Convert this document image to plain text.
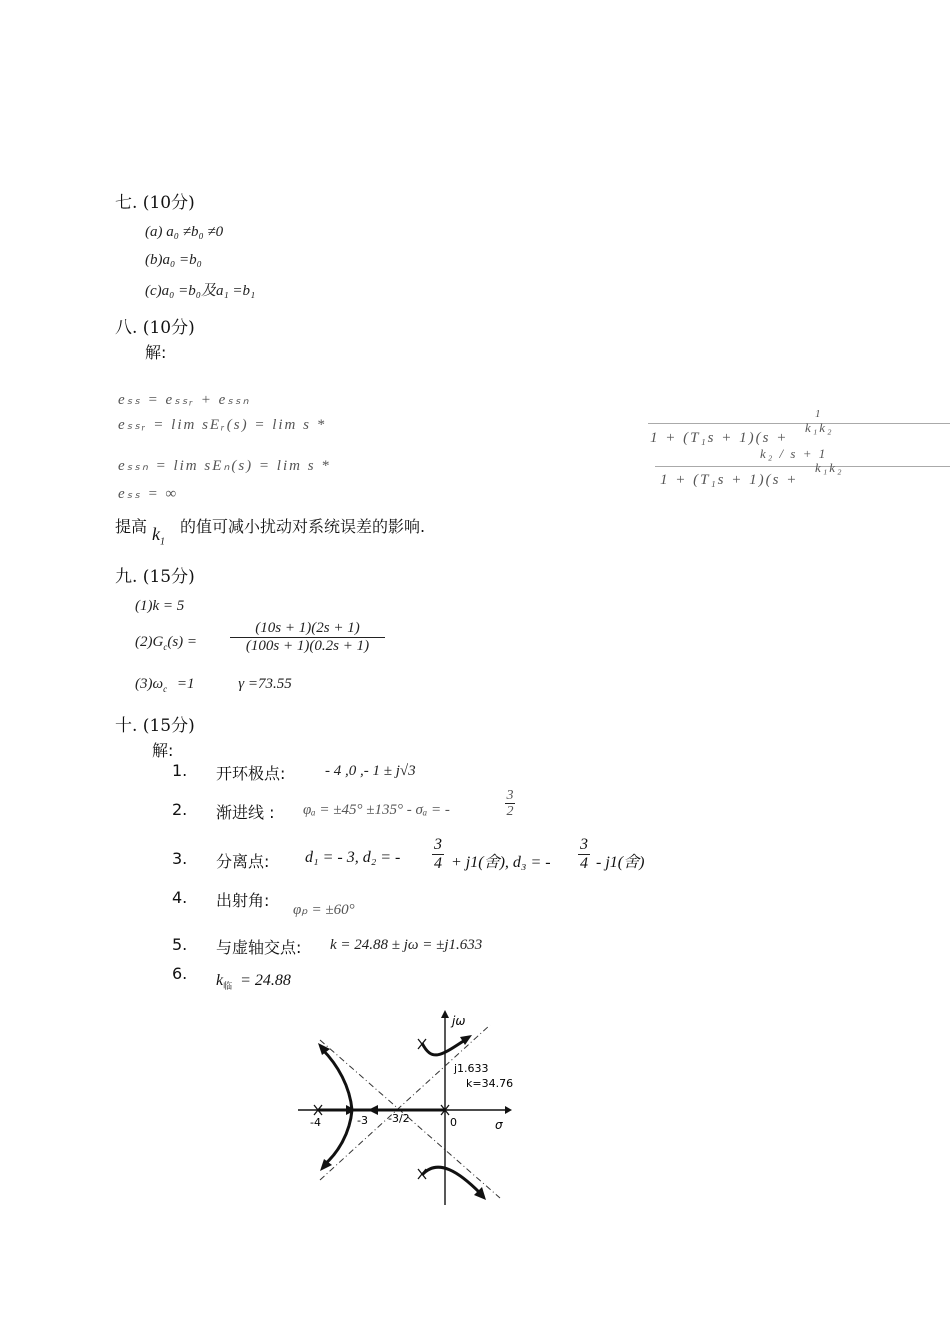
七. (10分)
(a) a₀ ≠b₀ ≠0
(b)a₀ =b₀
(c)a₀ =b₀及a₁ =b₁
八. (10分)
解:
eₛₛ = eₛₛᵣ + eₛₛₙ
eₛₛᵣ = lim sEᵣ(s) = lim s *
1
k₁k₂
1 + (T₁s + 1)(s +
eₛₛₙ = lim sEₙ(s) = lim s *
k₂ / s + 1
k₁k₂
1 + (T₁s + 1)(s +
eₛₛ = ∞
提高 $k_1$
的值可减小扰动对系统误差的影响.
九. (15分)
(1)k = 5
$(2)G_c(s) = \frac{(10s + 1)(2s + 1)}{(100s + 1)(0.2s + 1)}$
$(3)\omega_c =1$	γ =73.55
十. (15分)
解:
1. 开环极点:	- 4 ,0 ,- 1 ± j√3
2. 渐进线 : φₐ = ±45° ±135° - σₐ = -	$\frac{3}{2}$
3. 分离点: d₁ = - 3, d₂ = - $\frac{3}{4} + j1$(舍), d₃ = - $\frac{3}{4} - j1$(舍)
4. 出射角: φₚ = ±60°
5. 与虚轴交点: k = 24.88 ± jω = ±j1.633
6. $k_临 = 24.88$
jω
σ
-4	-3 -3/2	0
j1.633
k=34.76
